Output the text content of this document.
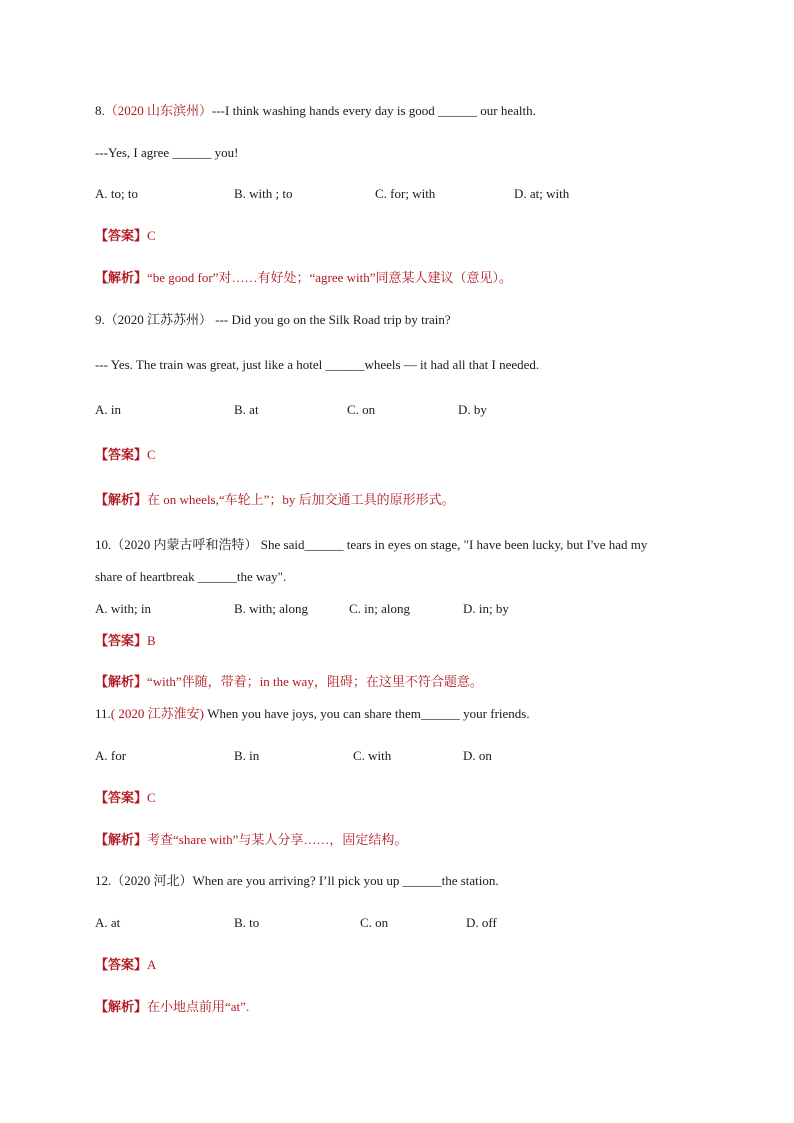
8.（2020 山东滨州）---I think washing hands every day is good ______ our health.
---Yes, I agree ______ you!
A. to; to	B. with ; to	C. for; with	D. at; with
【答案】C
【解析】“be good for”对……有好处；“agree with”同意某人建议（意见）。
9.（2020 江苏苏州） --- Did you go on the Silk Road trip by train?
--- Yes. The train was great, just like a hotel ______wheels — it had all that I needed.
A. in	B. at	C. on	D. by
【答案】C
【解析】在 on wheels,“车轮上”；by 后加交通工具的原形形式。
10.（2020 内蒙古呼和浩特） She said______ tears in eyes on stage, "I have been lucky, but I've had my
share of heartbreak ______the way".
A. with; in	B. with; along	C. in; along	D. in; by
【答案】B
【解析】“with”伴随，带着；in the way，阻碍；在这里不符合题意。
11.( 2020 江苏淮安) When you have joys, you can share them______ your friends.
A. for	B. in	C. with	D. on
【答案】C
【解析】考查“share with”与某人分享……，固定结构。
12.（2020 河北）When are you arriving? I’ll pick you up ______the station.
A. at	B. to	C. on	D. off
【答案】A
【解析】在小地点前用“at”.
